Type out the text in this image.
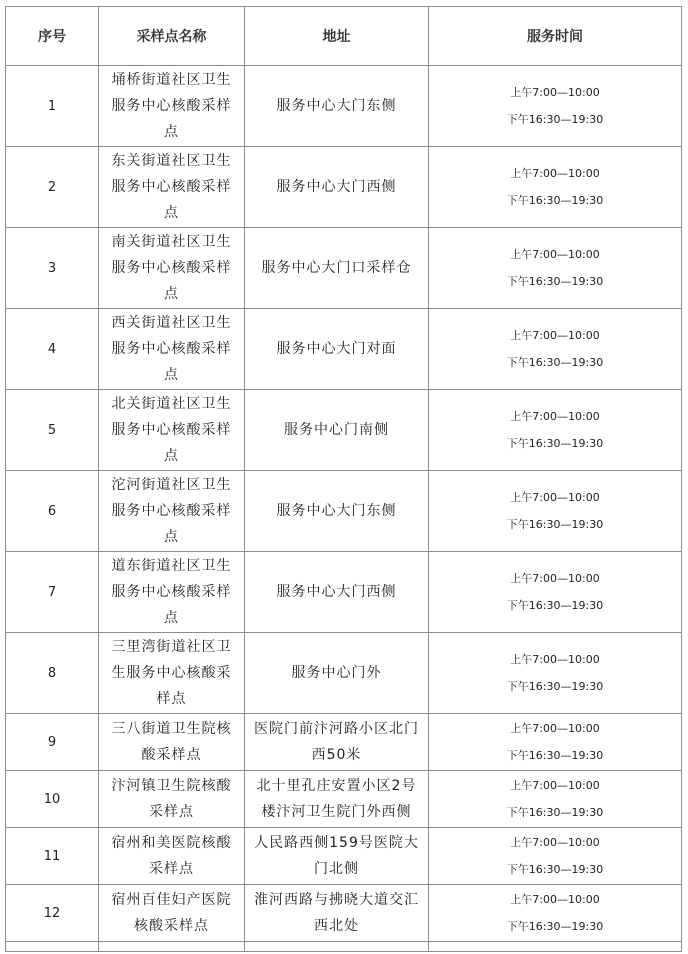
序号	采样点名称	地址	服务时间
1	埇桥街道社区卫生服务中心核酸采样点	服务中心大门东侧	上午7:00—10:00
下午16:30—19:30

2	东关街道社区卫生服务中心核酸采样点	服务中心大门西侧	上午7:00—10:00
下午16:30—19:30

3	南关街道社区卫生服务中心核酸采样点	服务中心大门口采样仓	上午7:00—10:00
下午16:30—19:30

4	西关街道社区卫生服务中心核酸采样点	服务中心大门对面	上午7:00—10:00
下午16:30—19:30

5	北关街道社区卫生服务中心核酸采样点	服务中心门南侧	上午7:00—10:00
下午16:30—19:30

6	沱河街道社区卫生服务中心核酸采样点	服务中心大门东侧	上午7:00—10:00
下午16:30—19:30

7	道东街道社区卫生服务中心核酸采样点	服务中心大门西侧	上午7:00—10:00
下午16:30—19:30

8	三里湾街道社区卫生服务中心核酸采样点	服务中心门外	上午7:00—10:00
下午16:30—19:30

9	三八街道卫生院核酸采样点	医院门前汴河路小区北门西50米	上午7:00—10:00
下午16:30—19:30

10	汴河镇卫生院核酸采样点	北十里孔庄安置小区2号楼汴河卫生院门外西侧	上午7:00—10:00
下午16:30—19:30

11	宿州和美医院核酸采样点	人民路西侧159号医院大门北侧	上午7:00—10:00
下午16:30—19:30

12	宿州百佳妇产医院核酸采样点	淮河西路与拂晓大道交汇西北处	上午7:00—10:00
下午16:30—19:30
